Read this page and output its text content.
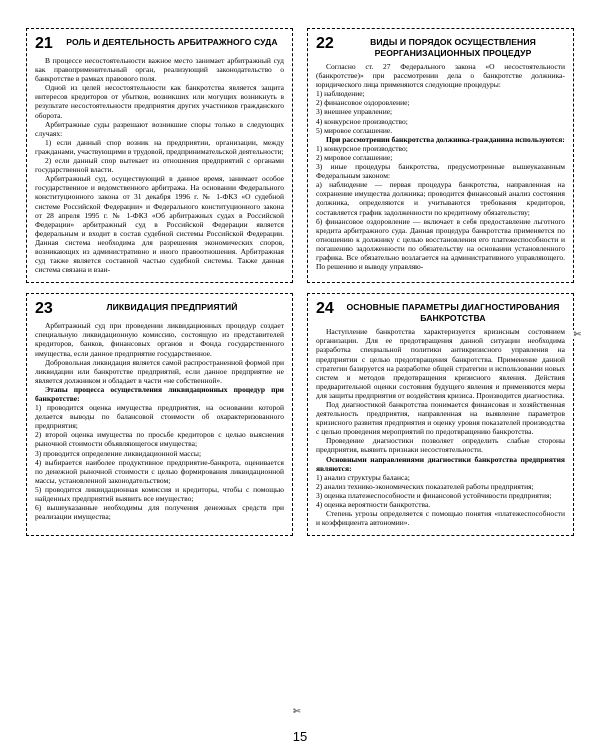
21	РОЛЬ И ДЕЯТЕЛЬНОСТЬ АРБИТРАЖНОГО СУДА

В процессе несостоятельности важное место занимает арбитражный суд как правоприменительный орган, реализующий законодательство о банкротстве в рамках правового поля.

Одной из целей несостоятельности как банкротства является защита интересов кредиторов от убытков, возникших или могущих возникнуть в результате несостоятельности предприятия других участников гражданского оборота.

Арбитражные суды разрешают возникшие споры только в следующих случаях:

1) если данный спор возник на предприятии, организации, между гражданами, участвующими в трудовой, предпринимательской деятельности;

2) если данный спор вытекает из отношения предприятий с органами государственной власти.

Арбитражный суд, осуществующий в данное время, занимает особое государственное и ведомственного арбитража. На основании Федерального конституционного закона от 31 декабря 1996 г. № 1-ФКЗ «О судебной системе Российской Федерации» и Федерального конституционного закона от 28 апреля 1995 г. № 1-ФКЗ «Об арбитражных судах в Российской Федерации» арбитражный суд в Российской Федерации является федеральным и входит в состав судебной системы Российской Федерации. Данная система необходима для разрешения экономических споров, возникающих из административно и иного правоотношения. Арбитражная суд также является составной частью судебной системы. Также данная система связана и взаи-

22	ВИДЫ И ПОРЯДОК ОСУЩЕСТВЛЕНИЯ РЕОРГАНИЗАЦИОННЫХ ПРОЦЕДУР

Согласно ст. 27 Федерального закона «О несостоятельности (банкротстве)» при рассмотрении дела о банкротстве должника-юридического лица применяются следующие процедуры:

1) наблюдение;

2) финансовое оздоровление;

3) внешнее управление;

4) конкурсное производство;

5) мировое соглашение.

При рассмотрении банкротства должника-гражданина используются:

1) конкурсное производство;

2) мировое соглашение;

3) иные процедуры банкротства, предусмотренные вышеуказанным Федеральным законом:

а) наблюдение — первая процедура банкротства, направленная на сохранение имущества должника; проводится финансовый анализ состояния должника, определяются и учитываются требования кредиторов, составляется график задолженности по кредитному обязательству;

б) финансовое оздоровление — включает в себя предоставление льготного кредита арбитражного суда. Данная процедура банкротства применяется по отношению к должнику с целью восстановления его платежеспособности и погашению задолженности по обязательству на основании установленного графика. Все обязательно возлагается на административного управляющего. По решению и выводу управляю-

23	ЛИКВИДАЦИЯ ПРЕДПРИЯТИЙ

Арбитражный суд при проведении ликвидационных процедур создает специальную ликвидационную комиссию, состоящую из представителей кредиторов, банков, финансовых органов и Фонда государственного имущества, если данное предприятие государственное.

Добровольная ликвидация является самой распространенной формой при ликвидации или банкротстве предприятий, если данное предприятие не является должником и обладает в части «не собственной».

Этапы процесса осуществления ликвидационных процедур при банкротстве:

1) проводится оценка имущества предприятия, на основании которой делается выводы по балансовой стоимости об охарактеризованного предприятия;

2) второй оценка имущества по просьбе кредиторов с целью выяснения рыночной стоимости объявляющегося имущества;

3) проводится определение ликвидационной массы;

4) выбирается наиболее продуктивное предприятие-банкрота, оценивается по денежной рыночной стоимости с целью формирования ликвидационной массы, установленной законодательством;

5) проводится ликвидационная комиссия и кредиторы, чтобы с помощью найденных предприятий выявить все имущество;

6) вышеуказанные необходимы для получения денежных средств при реализации имущества;

24	ОСНОВНЫЕ ПАРАМЕТРЫ ДИАГНОСТИРОВАНИЯ БАНКРОТСТВА

Наступление банкротства характеризуется кризисным состоянием организации. Для ее предотвращения данной ситуации необходима разработка специальной политики антикризисного управления на предприятии с целью предотвращения банкротства. Применение данной стратегии базируется на разработке общей стратегии и использовании новых систем и методов предотвращения кризисного явления. Действия предварительной оценки состояния будущего явления и применяются меры для защиты предприятия от воздействия кризиса. Производится диагностика.

Под диагностикой банкротства понимается финансовая и хозяйственная деятельность предприятия, направленная на выявление параметров кризисного развития предприятия и оценку уровня показателей производства с целью проведения мероприятий по предотвращению банкротства.

Проведение диагностики позволяет определить слабые стороны предприятия, выявить признаки несостоятельности.

Основными направлениями диагностики банкротства предприятия являются:

1) анализ структуры баланса;

2) анализ технико-экономических показателей работы предприятия;

3) оценка платежеспособности и финансовой устойчивости предприятия;

4) оценка вероятности банкротства.

Степень угрозы определяется с помощью понятия «платежеспособности и коэффициента автономии».

✄
✄
15
